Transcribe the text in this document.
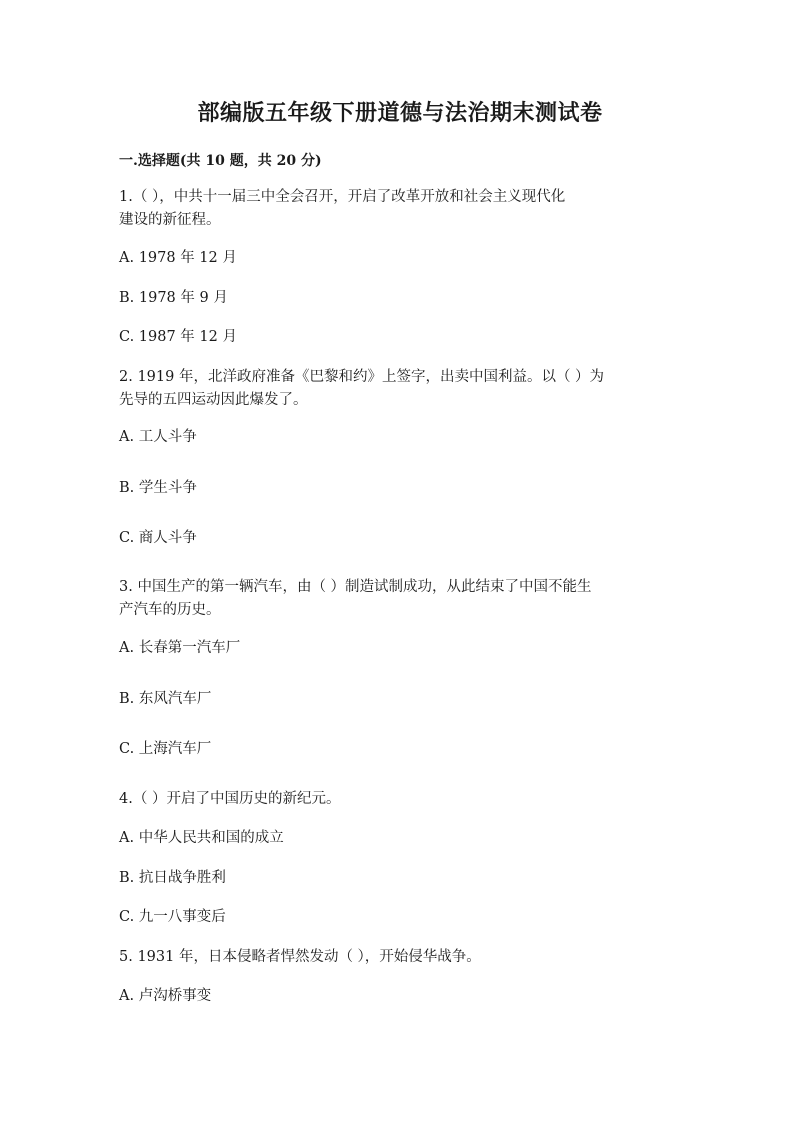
部编版五年级下册道德与法治期末测试卷
一.选择题(共 10 题，共 20 分)
1.（ ），中共十一届三中全会召开，开启了改革开放和社会主义现代化
建设的新征程。
A. 1978 年 12 月
B. 1978 年 9 月
C. 1987 年 12 月
2. 1919 年，北洋政府准备《巴黎和约》上签字，出卖中国利益。以（ ）为
先导的五四运动因此爆发了。
A. 工人斗争
B. 学生斗争
C. 商人斗争
3. 中国生产的第一辆汽车，由（ ）制造试制成功，从此结束了中国不能生
产汽车的历史。
A. 长春第一汽车厂
B. 东风汽车厂
C. 上海汽车厂
4.（ ）开启了中国历史的新纪元。
A. 中华人民共和国的成立
B. 抗日战争胜利
C. 九一八事变后
5. 1931 年，日本侵略者悍然发动（ ），开始侵华战争。
A. 卢沟桥事变
